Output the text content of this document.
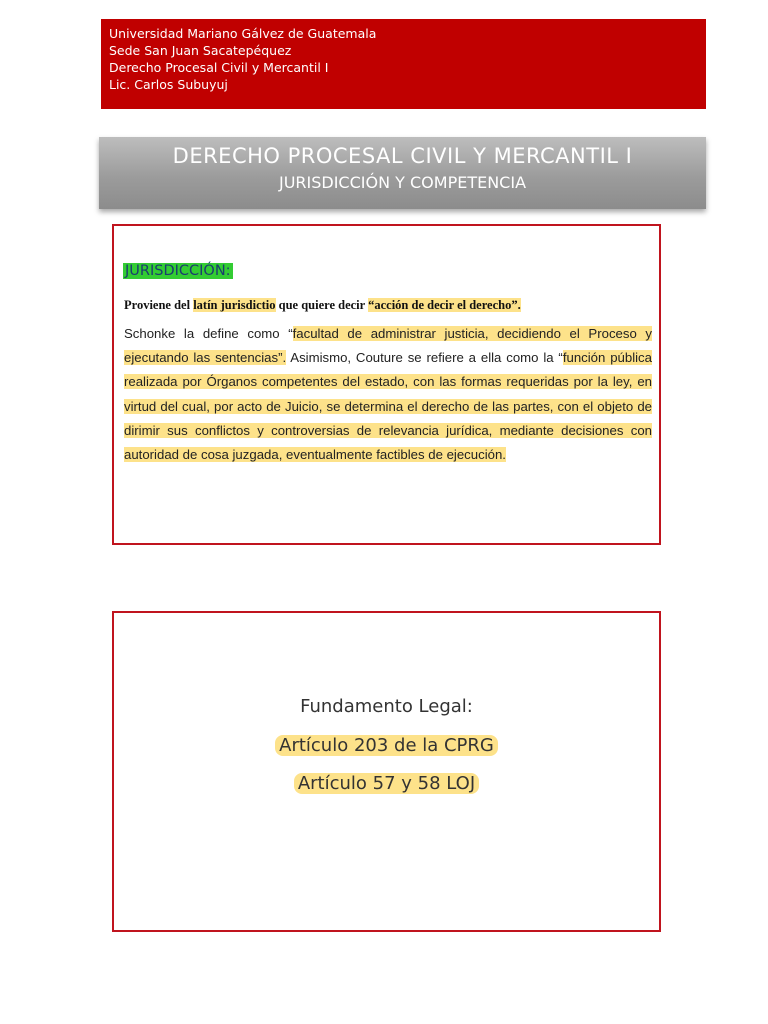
Universidad Mariano Gálvez de Guatemala
Sede San Juan Sacatepéquez
Derecho Procesal Civil y Mercantil I
Lic. Carlos Subuyuj
DERECHO PROCESAL CIVIL Y MERCANTIL I
JURISDICCIÓN Y COMPETENCIA
JURISDICCIÓN:
Proviene del latín jurisdictio que quiere decir “acción de decir el derecho”.
Schonke la define como “facultad de administrar justicia, decidiendo el Proceso y ejecutando las sentencias”. Asimismo, Couture se refiere a ella como la “función pública realizada por Órganos competentes del estado, con las formas requeridas por la ley, en virtud del cual, por acto de Juicio, se determina el derecho de las partes, con el objeto de dirimir sus conflictos y controversias de relevancia jurídica, mediante decisiones con autoridad de cosa juzgada, eventualmente factibles de ejecución.
Fundamento Legal:
Artículo 203 de la CPRG
Artículo 57 y 58 LOJ
